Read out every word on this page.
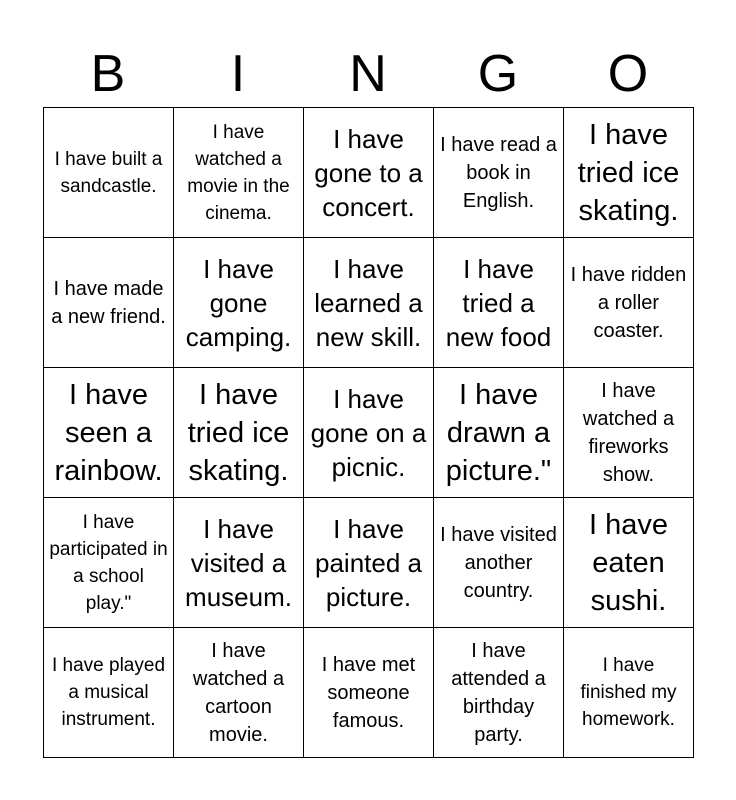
B	I	N	G	O
I have built a sandcastle.	I have watched a movie in the cinema.	I have gone to a concert.	I have read a book in English.	I have tried ice skating.
I have made a new friend.	I have gone camping.	I have learned a new skill.	I have tried a new food	I have ridden a roller coaster.
I have seen a rainbow.	I have tried ice skating.	I have gone on a picnic.	I have drawn a picture."	I have watched a fireworks show.
I have participated in a school play."	I have visited a museum.	I have painted a picture.	I have visited another country.	I have eaten sushi.
I have played a musical instrument.	I have watched a cartoon movie.	I have met someone famous.	I have attended a birthday party.	I have finished my homework.
